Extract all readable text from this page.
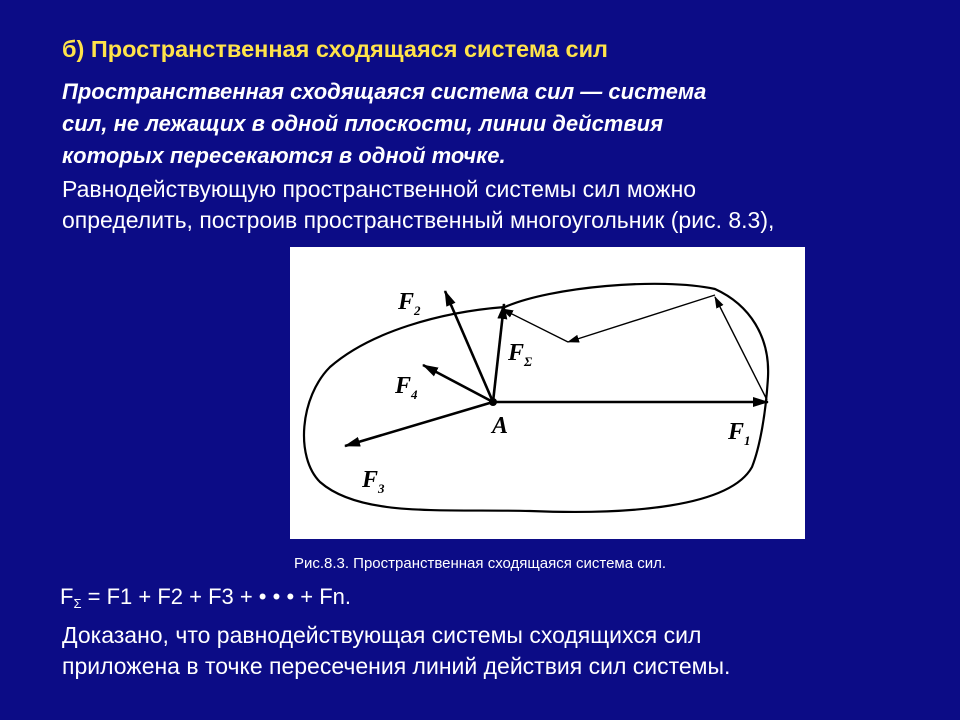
б) Пространственная сходящаяся система сил
Пространственная сходящаяся система сил — система
сил, не лежащих в одной плоскости, линии действия
которых пересекаются в одной точке.
Равнодействующую пространственной системы сил можно
определить, построив пространственный многоугольник (рис. 8.3),
A	$F_1$
$F_2$
$F_3$
$F_4$
$F_\Sigma$
Рис.8.3. Пространственная сходящаяся система сил.
$F_\Sigma = F1 + F2 + F3$ + • • • + Fn.
Доказано, что равнодействующая системы сходящихся сил
приложена в точке пересечения линий действия сил системы.
